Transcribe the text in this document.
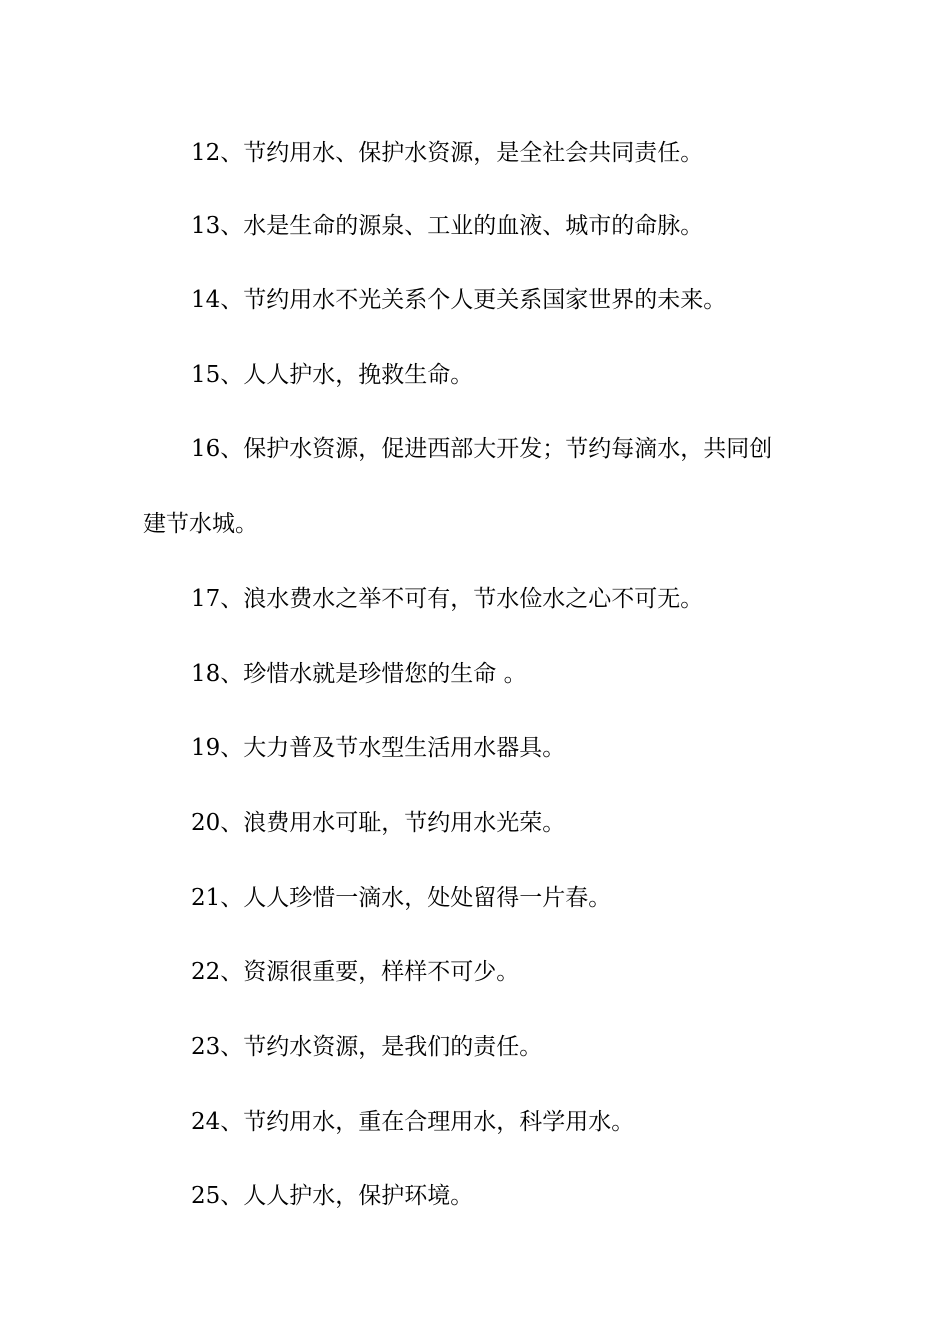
12、节约用水、保护水资源，是全社会共同责任。
13、水是生命的源泉、工业的血液、城市的命脉。
14、节约用水不光关系个人更关系国家世界的未来。
15、人人护水，挽救生命。
16、保护水资源，促进西部大开发；节约每滴水，共同创
建节水城。
17、浪水费水之举不可有，节水俭水之心不可无。
18、珍惜水就是珍惜您的生命 。
19、大力普及节水型生活用水器具。
20、浪费用水可耻，节约用水光荣。
21、人人珍惜一滴水，处处留得一片春。
22、资源很重要，样样不可少。
23、节约水资源，是我们的责任。
24、节约用水，重在合理用水，科学用水。
25、人人护水，保护环境。
